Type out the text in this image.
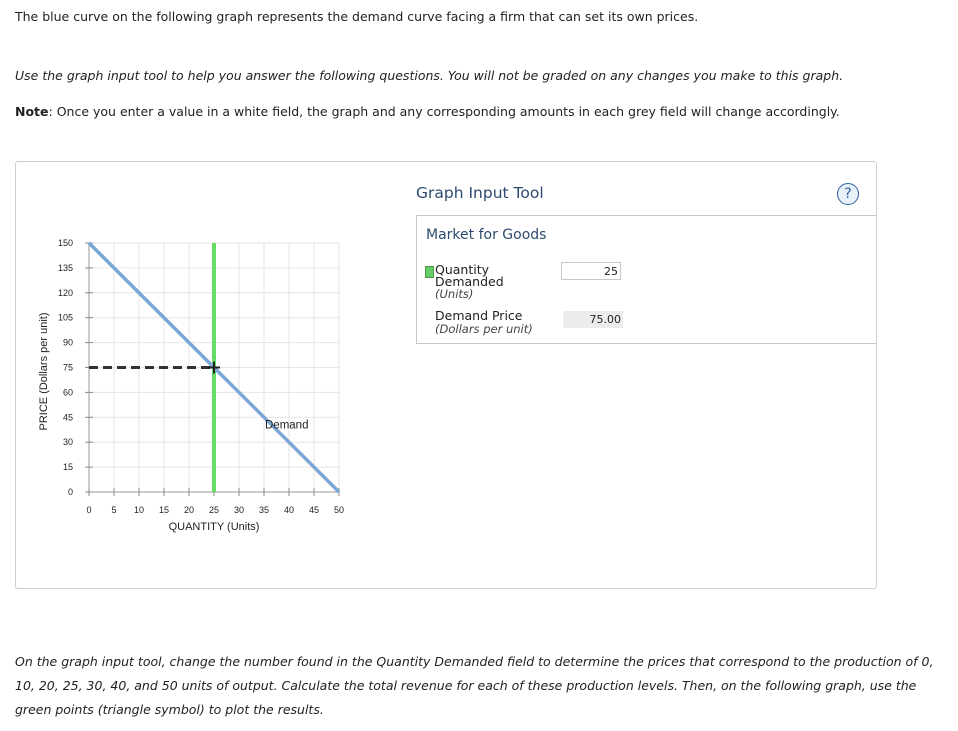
The blue curve on the following graph represents the demand curve facing a firm that can set its own prices.

Use the graph input tool to help you answer the following questions. You will not be graded on any changes you make to this graph.

Note: Once you enter a value in a white field, the graph and any corresponding amounts in each grey field will change accordingly.

0 5 10 15 20 25 30 35 40 45 50
0
15
30
45
60
75
90
105
120
135
150
QUANTITY (Units)
PRICE (Dollars per unit)	Demand
Graph Input Tool	?
Market for Goods
Quantity
Demanded
(Units)
25
Demand Price
(Dollars per unit)
75.00

On the graph input tool, change the number found in the Quantity Demanded field to determine the prices that correspond to the production of 0, 10, 20, 25, 30, 40, and 50 units of output. Calculate the total revenue for each of these production levels. Then, on the following graph, use the green points (triangle symbol) to plot the results.
